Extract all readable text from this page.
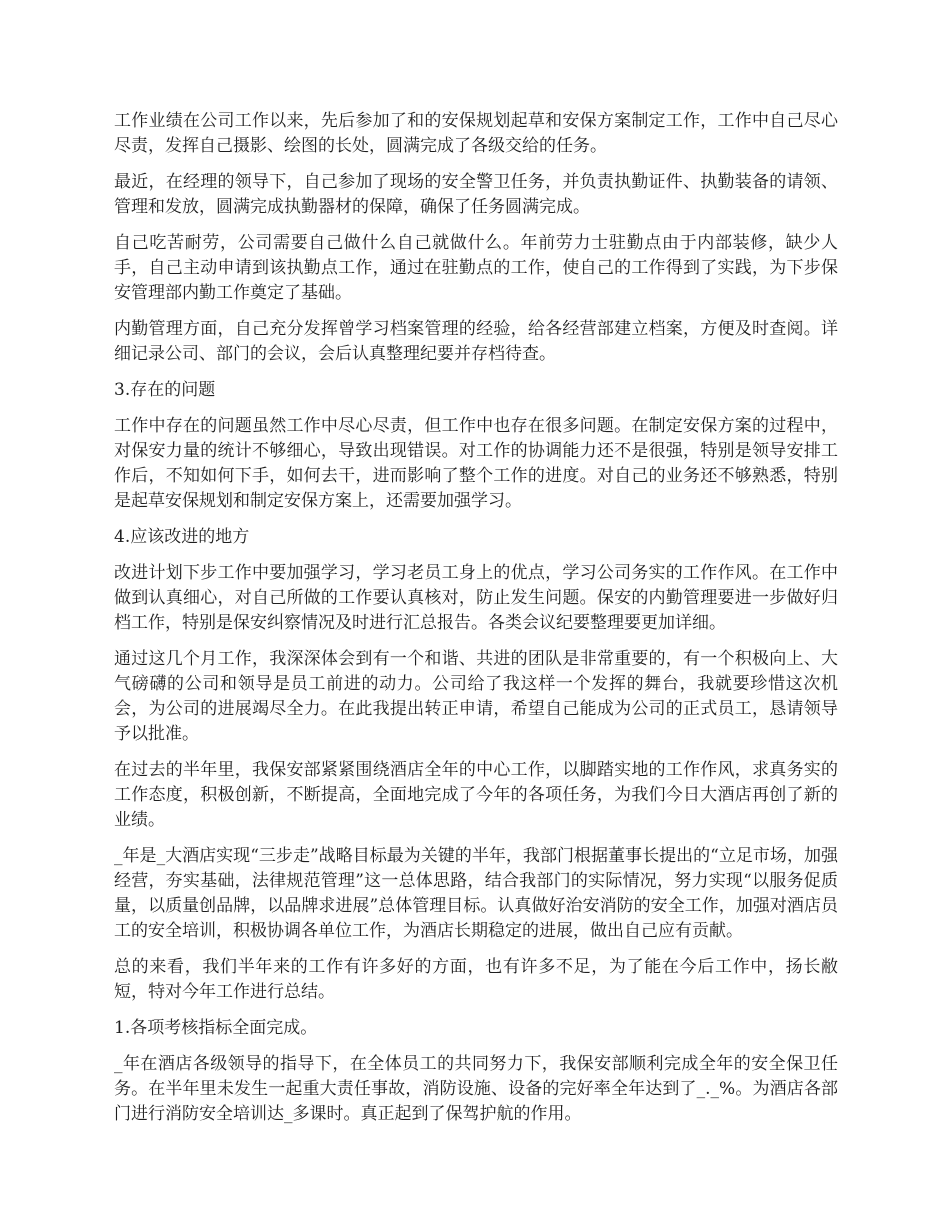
工作业绩在公司工作以来，先后参加了和的安保规划起草和安保方案制定工作，工作中自己尽心尽责，发挥自己摄影、绘图的长处，圆满完成了各级交给的任务。

最近，在经理的领导下，自己参加了现场的安全警卫任务，并负责执勤证件、执勤装备的请领、管理和发放，圆满完成执勤器材的保障，确保了任务圆满完成。

自己吃苦耐劳，公司需要自己做什么自己就做什么。年前劳力士驻勤点由于内部装修，缺少人手，自己主动申请到该执勤点工作，通过在驻勤点的工作，使自己的工作得到了实践，为下步保安管理部内勤工作奠定了基础。

内勤管理方面，自己充分发挥曾学习档案管理的经验，给各经营部建立档案，方便及时查阅。详细记录公司、部门的会议，会后认真整理纪要并存档待查。

3.存在的问题

工作中存在的问题虽然工作中尽心尽责，但工作中也存在很多问题。在制定安保方案的过程中，对保安力量的统计不够细心，导致出现错误。对工作的协调能力还不是很强，特别是领导安排工作后，不知如何下手，如何去干，进而影响了整个工作的进度。对自己的业务还不够熟悉，特别是起草安保规划和制定安保方案上，还需要加强学习。

4.应该改进的地方

改进计划下步工作中要加强学习，学习老员工身上的优点，学习公司务实的工作作风。在工作中做到认真细心，对自己所做的工作要认真核对，防止发生问题。保安的内勤管理要进一步做好归档工作，特别是保安纠察情况及时进行汇总报告。各类会议纪要整理要更加详细。

通过这几个月工作，我深深体会到有一个和谐、共进的团队是非常重要的，有一个积极向上、大气磅礴的公司和领导是员工前进的动力。公司给了我这样一个发挥的舞台，我就要珍惜这次机会，为公司的进展竭尽全力。在此我提出转正申请，希望自己能成为公司的正式员工，恳请领导予以批准。

在过去的半年里，我保安部紧紧围绕酒店全年的中心工作，以脚踏实地的工作作风，求真务实的工作态度，积极创新，不断提高，全面地完成了今年的各项任务，为我们今日大酒店再创了新的业绩。

_年是_大酒店实现“三步走”战略目标最为关键的半年，我部门根据董事长提出的“立足市场，加强经营，夯实基础，法律规范管理”这一总体思路，结合我部门的实际情况，努力实现“以服务促质量，以质量创品牌，以品牌求进展”总体管理目标。认真做好治安消防的安全工作，加强对酒店员工的安全培训，积极协调各单位工作，为酒店长期稳定的进展，做出自己应有贡献。

总的来看，我们半年来的工作有许多好的方面，也有许多不足，为了能在今后工作中，扬长敝短，特对今年工作进行总结。

1.各项考核指标全面完成。

_年在酒店各级领导的指导下，在全体员工的共同努力下，我保安部顺利完成全年的安全保卫任务。在半年里未发生一起重大责任事故，消防设施、设备的完好率全年达到了_._%。为酒店各部门进行消防安全培训达_多课时。真正起到了保驾护航的作用。
